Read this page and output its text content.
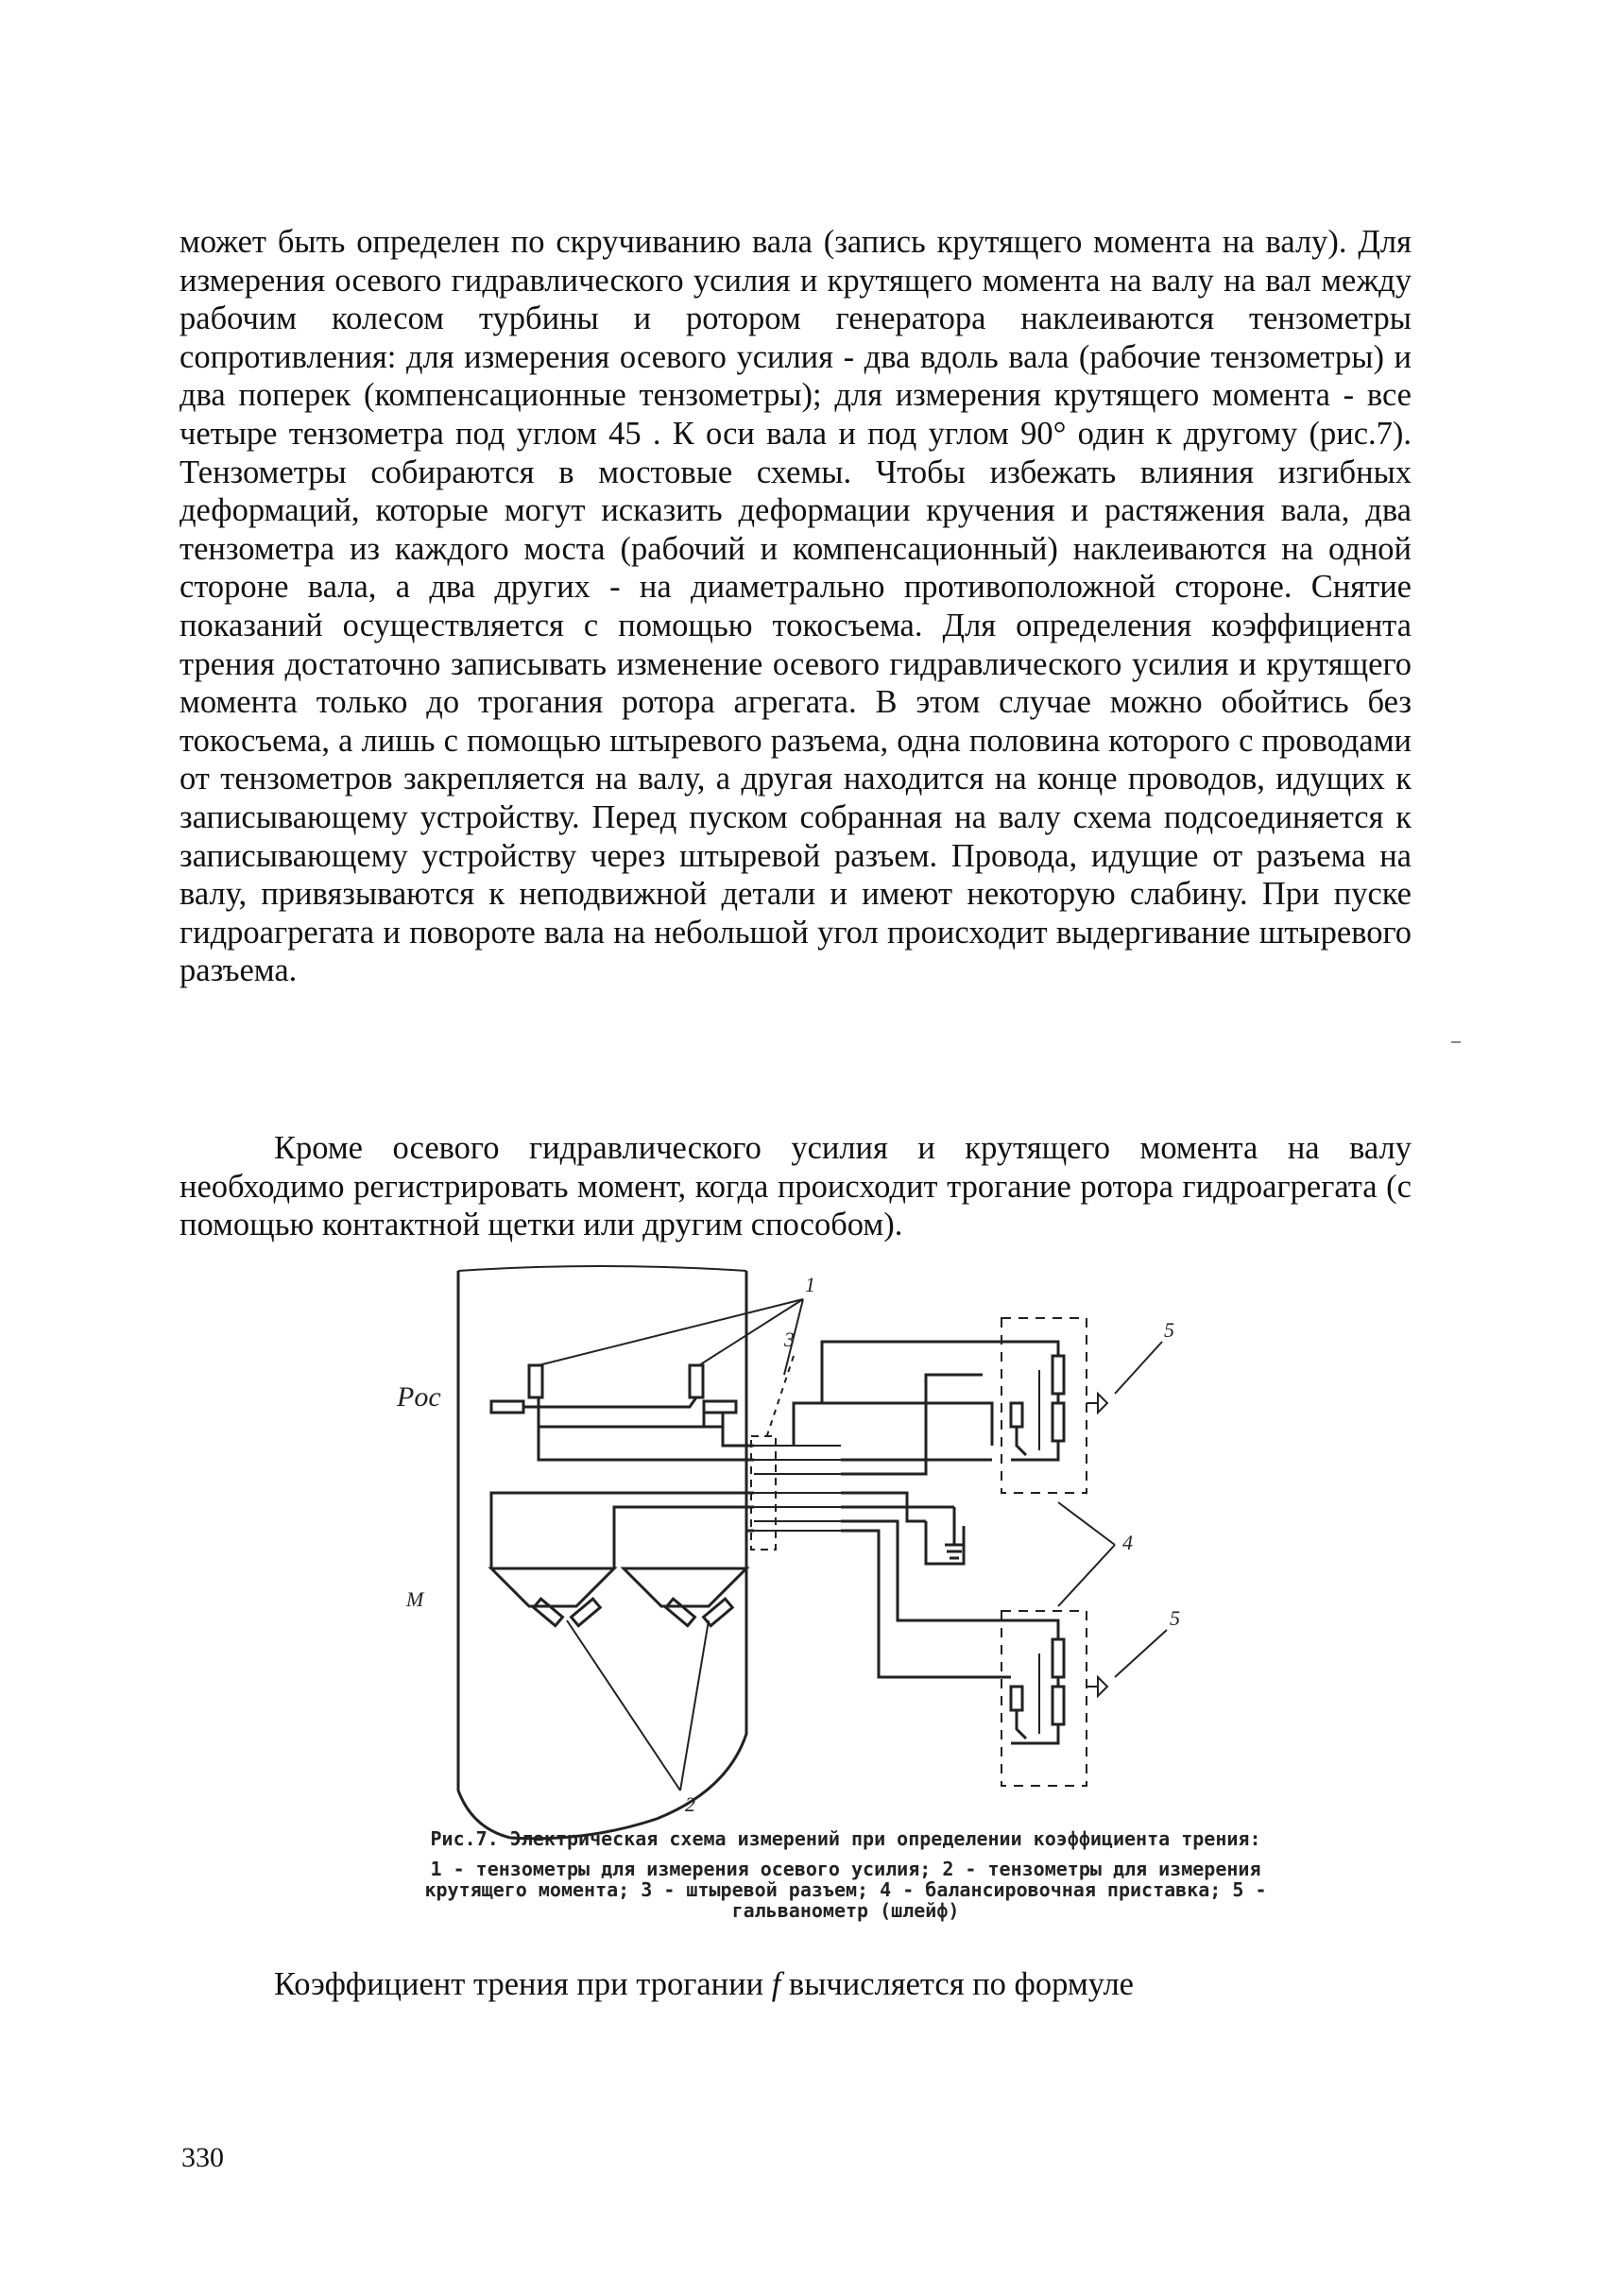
может быть определен по скручиванию вала (запись крутящего момента на валу). Для измерения осевого гидравлического усилия и крутящего момента на валу на вал между рабочим колесом турбины и ротором генератора наклеиваются тензометры сопротивления: для измерения осевого усилия - два вдоль вала (рабочие тензометры) и два поперек (компенсационные тензометры); для измерения крутящего момента - все четыре тензометра под углом 45 . К оси вала и под углом 90° один к другому (рис.7). Тензометры собираются в мостовые схемы. Чтобы избежать влияния изгибных деформаций, которые могут исказить деформации кручения и растяжения вала, два тензометра из каждого моста (рабочий и компенсационный) наклеиваются на одной стороне вала, а два других - на диаметрально противоположной стороне. Снятие показаний осуществляется с помощью токосъема. Для определения коэффициента трения достаточно записывать изменение осевого гидравлического усилия и крутящего момента только до трогания ротора агрегата. В этом случае можно обойтись без токосъема, а лишь с помощью штыревого разъема, одна половина которого с проводами от тензометров закрепляется на валу, а другая находится на конце проводов, идущих к записывающему устройству. Перед пуском собранная на валу схема подсоединяется к записывающему устройству через штыревой разъем. Провода, идущие от разъема на валу, привязываются к неподвижной детали и имеют некоторую слабину. При пуске гидроагрегата и повороте вала на небольшой угол происходит выдергивание штыревого разъема.

Кроме осевого гидравлического усилия и крутящего момента на валу необходимо регистрировать момент, когда происходит трогание ротора гидроагрегата (с помощью контактной щетки или другим способом).

Pос
М
1
3
2
4
5
5

Рис.7. Электрическая схема измерений при определении коэффициента трения:

1 - тензометры для измерения осевого усилия; 2 - тензометры для измерения крутящего момента; 3 - штыревой разъем; 4 - балансировочная приставка; 5 - гальванометр (шлейф)

Коэффициент трения при трогании f вычисляется по формуле
330
